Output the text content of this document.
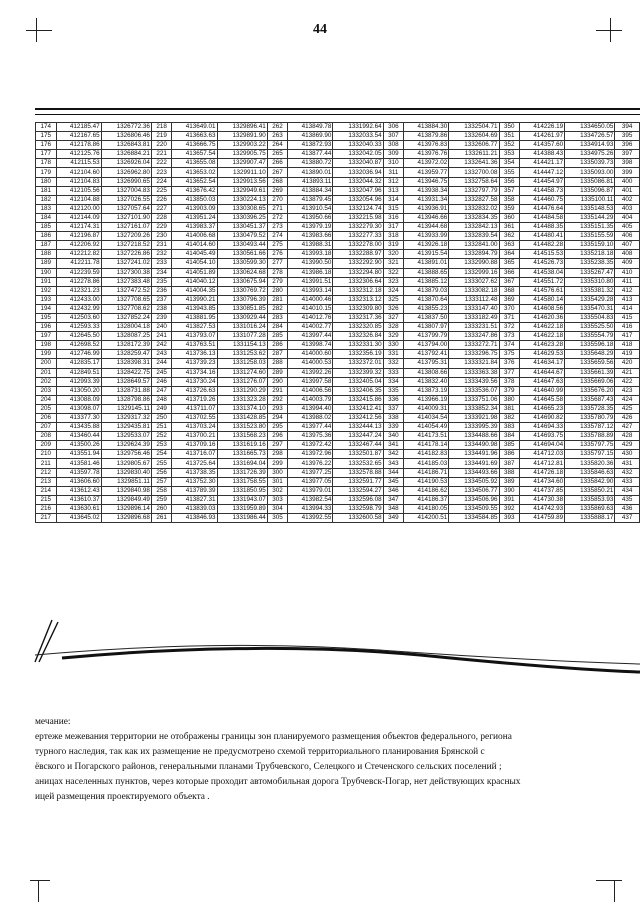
44
174	412185.47	1326772.36	218	413649.01	1329896.41	262	413849.78	1331992.64	306	413884.30	1332504.71	350	414226.19	1334650.05	394
175	412167.65	1326806.46	219	413663.63	1329891.90	263	413869.90	1332033.54	307	413879.86	1332604.69	351	414261.97	1334726.57	395
176	412178.86	1326843.81	220	413666.75	1329903.22	264	413872.93	1332040.33	308	413976.83	1332606.77	352	414357.60	1334914.93	396
177	412125.76	1326884.21	221	413657.54	1329905.75	265	413877.44	1332042.05	309	413976.76	1332611.21	353	414388.43	1334975.26	397
178	412115.53	1326926.04	222	413655.08	1329907.47	266	413880.72	1332040.87	310	413972.02	1332641.36	354	414421.17	1335039.73	398
179	412104.60	1326962.80	223	413653.02	1329911.10	267	413890.01	1332036.94	311	413959.77	1332700.08	355	414447.12	1335093.00	399
180	412104.83	1326990.65	224	413652.54	1329913.56	268	413893.11	1332044.32	312	413946.75	1332758.64	356	414454.97	1335086.81	400
181	412105.56	1327004.83	225	413676.42	1329949.61	269	413884.34	1332047.96	313	413938.34	1332797.79	357	414458.73	1335096.87	401
182	412104.88	1327026.55	226	413850.03	1330224.13	270	413879.45	1332054.96	314	413931.34	1332827.58	358	414460.75	1335100.11	402
183	412120.00	1327057.64	227	413903.09	1330308.65	271	413910.54	1332124.74	315	413936.91	1332832.02	359	414476.64	1335148.53	403
184	412144.09	1327101.90	228	413951.24	1330396.25	272	413950.66	1332215.98	316	413946.66	1332834.35	360	414484.58	1335144.29	404
185	412174.31	1327161.07	229	413983.37	1330451.37	273	413979.19	1332279.30	317	413944.68	1332842.13	361	414488.35	1335151.35	405
186	412196.87	1327209.26	230	414006.68	1330479.52	274	413983.66	1332277.33	318	413933.99	1332839.54	362	414480.41	1335155.59	406
187	412206.92	1327218.52	231	414014.60	1330493.44	275	413988.31	1332278.00	319	413926.18	1332841.00	363	414482.28	1335159.10	407
188	412212.82	1327226.86	232	414045.49	1330561.66	276	413993.18	1332288.97	320	413915.54	1332894.79	364	414515.53	1335218.18	408
189	412211.78	1327241.02	233	414054.10	1330599.30	277	413990.50	1332292.90	321	413891.01	1332990.88	365	414526.73	1335238.35	409
190	412239.59	1327300.38	234	414051.89	1330624.68	278	413986.18	1332294.80	322	413888.65	1332999.16	366	414538.04	1335267.47	410
191	412278.86	1327383.48	235	414040.12	1330675.94	279	413991.51	1332306.64	323	413885.12	1333027.62	367	414551.72	1335310.80	411
192	412321.23	1327472.52	236	414004.35	1330769.72	280	413993.14	1332312.18	324	413879.03	1333082.18	368	414576.61	1335381.32	412
193	412433.00	1327708.65	237	413990.21	1330796.39	281	414000.46	1332313.12	325	413870.64	1333112.48	369	414580.14	1335429.28	413
194	412432.99	1327708.62	238	413943.85	1330851.85	282	414010.15	1332309.80	326	413855.23	1333147.40	370	414608.56	1335470.31	414
195	412503.60	1327852.24	239	413881.95	1330929.44	283	414012.76	1332317.36	327	413837.50	1333182.49	371	414620.36	1335504.83	415
196	412593.33	1328004.18	240	413827.53	1331016.24	284	414002.77	1332320.85	328	413807.97	1333231.51	372	414622.18	1335525.50	416
197	412645.50	1328087.25	241	413793.07	1331077.28	285	413997.44	1332326.84	329	413799.79	1333247.86	373	414622.18	1335554.79	417
198	412698.52	1328172.39	242	413763.51	1331154.13	286	413998.74	1332331.30	330	413794.00	1333272.71	374	414623.28	1335596.18	418
199	412746.99	1328259.47	243	413736.13	1331253.62	287	414000.60	1332356.19	331	413792.41	1333296.75	375	414629.53	1335648.29	419
200	412835.17	1328398.31	244	413739.23	1331258.03	288	414000.53	1332372.01	332	413795.31	1333321.84	376	414634.17	1335659.56	420
201	412849.51	1328422.75	245	413734.16	1331274.60	289	413992.26	1332399.32	333	413808.66	1333363.38	377	414644.67	1335661.39	421
202	412993.39	1328649.57	246	413730.24	1331276.07	290	413997.58	1332405.04	334	413832.40	1333439.56	378	414647.63	1335669.06	422
203	413050.20	1328731.88	247	413726.63	1331290.29	291	414006.56	1332406.35	335	413873.19	1333536.07	379	414640.99	1335676.20	423
204	413088.09	1328798.86	248	413719.26	1331323.28	292	414003.79	1332415.86	336	413966.19	1333751.06	380	414645.58	1335687.43	424
205	413098.07	1329145.11	249	413711.07	1331374.10	293	413994.40	1332412.41	337	414009.31	1333852.34	381	414665.23	1335728.35	425
206	413377.30	1329317.32	250	413702.55	1331428.85	294	413988.02	1332412.56	338	414034.54	1333921.98	382	414690.82	1335780.79	426
207	413435.88	1329435.81	251	413703.24	1331523.80	295	413977.44	1332444.13	339	414054.49	1333995.39	383	414694.33	1335787.12	427
208	413460.44	1329533.07	252	413700.21	1331568.23	296	413975.36	1332447.24	340	414173.51	1334488.66	384	414693.75	1335788.89	428
209	413500.26	1329624.39	253	413709.16	1331619.16	297	413972.42	1332467.44	341	414178.14	1334490.98	385	414694.04	1335797.75	429
210	413551.94	1329756.46	254	413716.07	1331665.73	298	413972.96	1332501.87	342	414182.83	1334491.96	386	414712.03	1335797.15	430
211	413581.46	1329805.67	255	413725.64	1331694.04	299	413976.22	1332532.65	343	414185.03	1334491.69	387	414712.81	1335820.36	431
212	413597.78	1329830.40	256	413738.35	1331726.39	300	413977.25	1332578.88	344	414186.71	1334493.66	388	414726.18	1335846.63	432
213	413606.60	1329851.11	257	413752.30	1331758.55	301	413977.05	1332591.77	345	414190.53	1334505.92	389	414734.60	1335842.90	433
214	413612.43	1329840.98	258	413789.39	1331850.95	302	413979.01	1332594.27	346	414186.62	1334506.77	390	414737.85	1335850.21	434
215	413610.37	1329849.49	259	413827.31	1331943.07	303	413982.54	1332596.08	347	414186.37	1334506.96	391	414730.38	1335853.93	435
216	413630.61	1329896.14	260	413839.03	1331959.89	304	413994.33	1332598.79	348	414180.05	1334509.55	392	414742.93	1335869.63	436
217	413645.02	1329896.68	261	413846.93	1331986.44	305	413992.55	1332600.58	349	414200.51	1334584.85	393	414759.89	1335888.17	437

мечание:

ертеже межевания территории не отображены границы зон планируемого размещения объектов федерального, региона

турного наследия, так как их размещение не предусмотрено схемой территориального планирования Брянской с

ёвского и Погарского районов, генеральными планами Трубчевского, Селецкого и Стеченского сельских поселений ;

аницах населенных пунктов, через которые проходит автомобильная дорога Трубчевск-Погар, нет действующих красных

ицей размещения проектируемого объекта .
